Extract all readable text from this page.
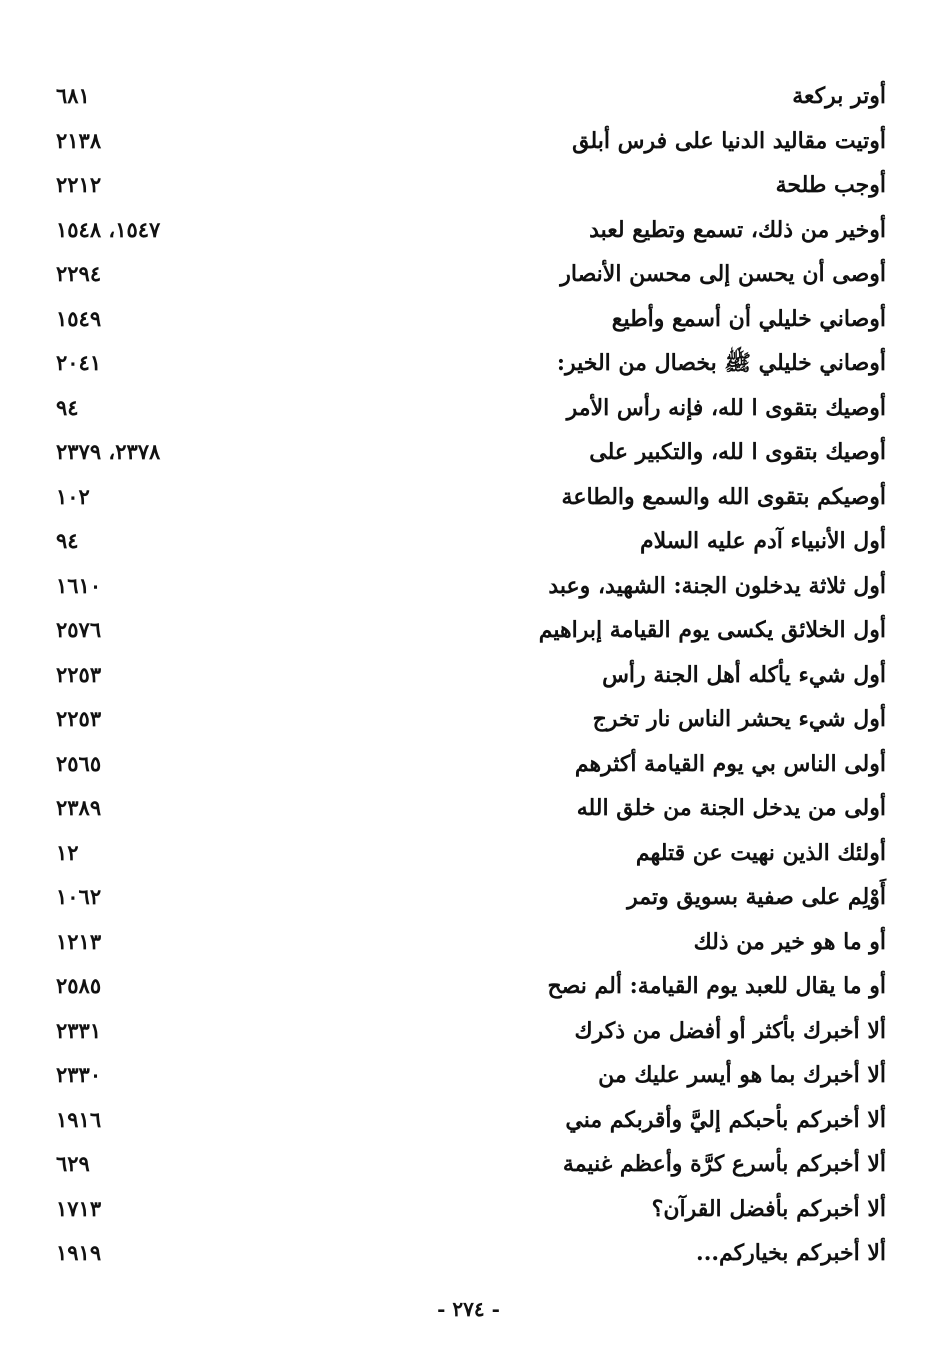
أوتر بركعة
٦٨١
أوتيت مقاليد الدنيا على فرس أبلق
٢١٣٨
أوجب طلحة
٢٢١٢
أوخير من ذلك، تسمع وتطيع لعبد
١٥٤٧، ١٥٤٨
أوصى أن يحسن إلى محسن الأنصار
٢٢٩٤
أوصاني خليلي أن أسمع وأطيع
١٥٤٩
أوصاني خليلي ﷺ بخصال من الخير:
٢٠٤١
أوصيك بتقوى ا لله، فإنه رأس الأمر
٩٤
أوصيك بتقوى ا لله، والتكبير على
٢٣٧٨، ٢٣٧٩
أوصيكم بتقوى الله والسمع والطاعة
١٠٢
أول الأنبياء آدم عليه السلام
٩٤
أول ثلاثة يدخلون الجنة: الشهيد، وعبد
١٦١٠
أول الخلائق يكسى يوم القيامة إبراهيم
٢٥٧٦
أول شيء يأكله أهل الجنة رأس
٢٢٥٣
أول شيء يحشر الناس نار تخرج
٢٢٥٣
أولى الناس بي يوم القيامة أكثرهم
٢٥٦٥
أولى من يدخل الجنة من خلق الله
٢٣٨٩
أولئك الذين نهيت عن قتلهم
١٢
أَوْلِم على صفية بسويق وتمر
١٠٦٢
أو ما هو خير من ذلك
١٢١٣
أو ما يقال للعبد يوم القيامة: ألم نصح
٢٥٨٥
ألا أخبرك بأكثر أو أفضل من ذكرك
٢٣٣١
ألا أخبرك بما هو أيسر عليك من
٢٣٣٠
ألا أخبركم بأحبكم إليَّ وأقربكم مني
١٩١٦
ألا أخبركم بأسرع كرَّة وأعظم غنيمة
٦٢٩
ألا أخبركم بأفضل القرآن؟
١٧١٣
ألا أخبركم بخياركم...
١٩١٩
- ٢٧٤ -
